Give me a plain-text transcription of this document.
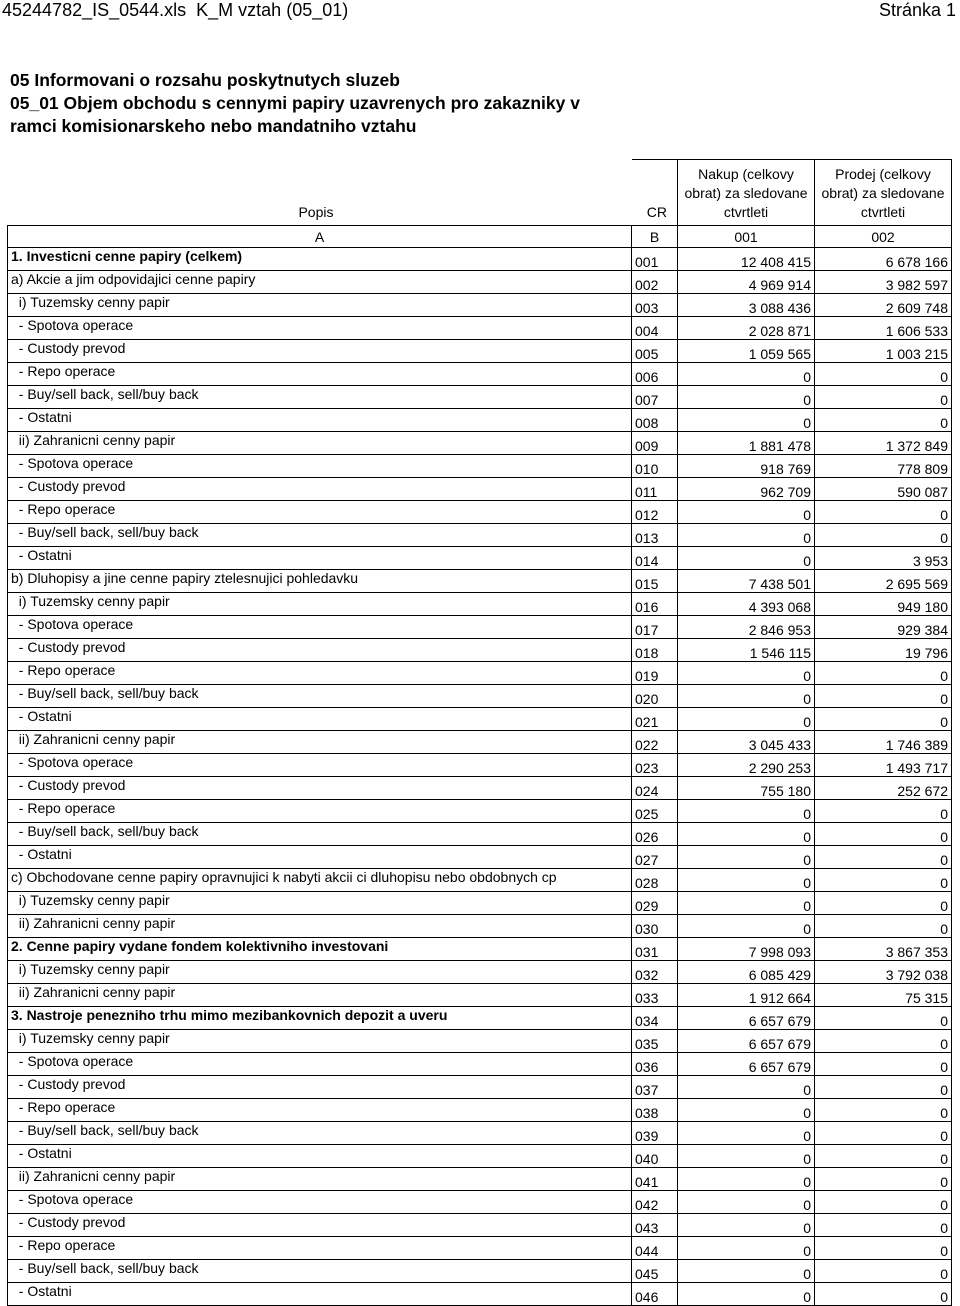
45244782_IS_0544.xls  K_M vztah (05_01)	Stránka 1
05 Informovani o rozsahu poskytnutych sluzeb
05_01 Objem obchodu s cennymi papiry uzavrenych pro zakazniky v
ramci komisionarskeho nebo mandatniho vztahu
Popis	CR	Nakup (celkovy obrat) za sledovane ctvrtleti	Prodej (celkovy obrat) za sledovane ctvrtleti
A	B	001	002
1. Investicni cenne papiry (celkem)	001	12 408 415	6 678 166
a) Akcie a jim odpovidajici cenne papiry	002	4 969 914	3 982 597
i) Tuzemsky cenny papir	003	3 088 436	2 609 748
- Spotova operace	004	2 028 871	1 606 533
- Custody prevod	005	1 059 565	1 003 215
- Repo operace	006	0	0
- Buy/sell back, sell/buy back	007	0	0
- Ostatni	008	0	0
ii) Zahranicni cenny papir	009	1 881 478	1 372 849
- Spotova operace	010	918 769	778 809
- Custody prevod	011	962 709	590 087
- Repo operace	012	0	0
- Buy/sell back, sell/buy back	013	0	0
- Ostatni	014	0	3 953
b) Dluhopisy a jine cenne papiry ztelesnujici pohledavku	015	7 438 501	2 695 569
i) Tuzemsky cenny papir	016	4 393 068	949 180
- Spotova operace	017	2 846 953	929 384
- Custody prevod	018	1 546 115	19 796
- Repo operace	019	0	0
- Buy/sell back, sell/buy back	020	0	0
- Ostatni	021	0	0
ii) Zahranicni cenny papir	022	3 045 433	1 746 389
- Spotova operace	023	2 290 253	1 493 717
- Custody prevod	024	755 180	252 672
- Repo operace	025	0	0
- Buy/sell back, sell/buy back	026	0	0
- Ostatni	027	0	0
c) Obchodovane cenne papiry opravnujici k nabyti akcii ci dluhopisu nebo obdobnych cp	028	0	0
i) Tuzemsky cenny papir	029	0	0
ii) Zahranicni cenny papir	030	0	0
2. Cenne papiry vydane fondem kolektivniho investovani	031	7 998 093	3 867 353
i) Tuzemsky cenny papir	032	6 085 429	3 792 038
ii) Zahranicni cenny papir	033	1 912 664	75 315
3. Nastroje penezniho trhu mimo mezibankovnich depozit a uveru	034	6 657 679	0
i) Tuzemsky cenny papir	035	6 657 679	0
- Spotova operace	036	6 657 679	0
- Custody prevod	037	0	0
- Repo operace	038	0	0
- Buy/sell back, sell/buy back	039	0	0
- Ostatni	040	0	0
ii) Zahranicni cenny papir	041	0	0
- Spotova operace	042	0	0
- Custody prevod	043	0	0
- Repo operace	044	0	0
- Buy/sell back, sell/buy back	045	0	0
- Ostatni	046	0	0
